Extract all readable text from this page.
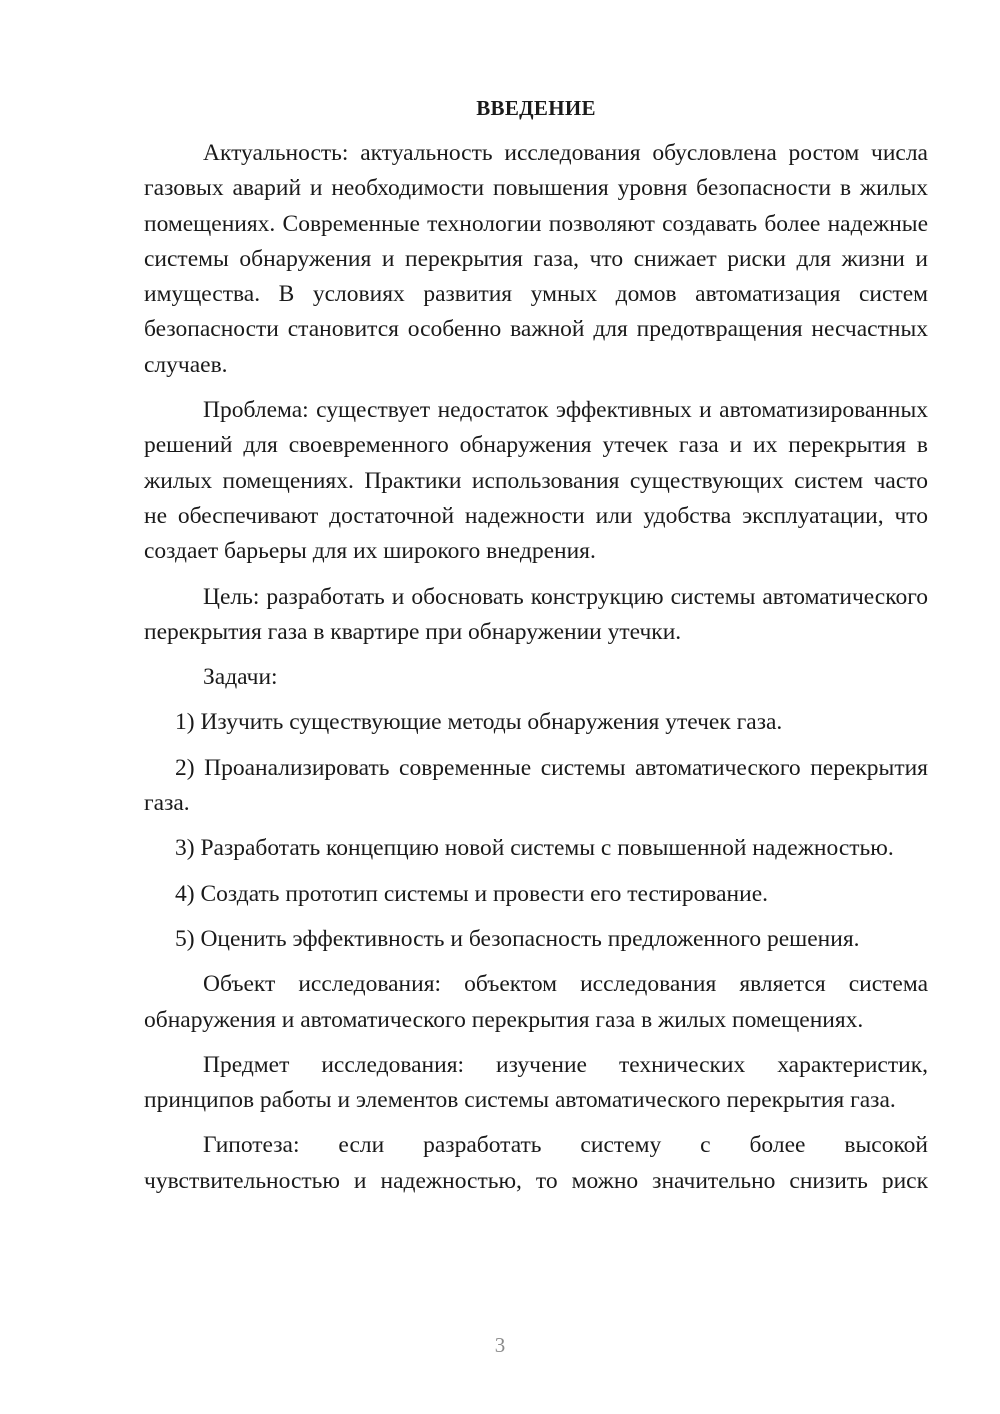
ВВЕДЕНИЕ

Актуальность: актуальность исследования обусловлена ростом числа газовых аварий и необходимости повышения уровня безопасности в жилых помещениях. Современные технологии позволяют создавать более надежные системы обнаружения и перекрытия газа, что снижает риски для жизни и имущества. В условиях развития умных домов автоматизация систем безопасности становится особенно важной для предотвращения несчастных случаев.

Проблема: существует недостаток эффективных и автоматизированных решений для своевременного обнаружения утечек газа и их перекрытия в жилых помещениях. Практики использования существующих систем часто не обеспечивают достаточной надежности или удобства эксплуатации, что создает барьеры для их широкого внедрения.

Цель: разработать и обосновать конструкцию системы автоматического перекрытия газа в квартире при обнаружении утечки.

Задачи:

1) Изучить существующие методы обнаружения утечек газа.

2) Проанализировать современные системы автоматического перекрытия газа.

3) Разработать концепцию новой системы с повышенной надежностью.

4) Создать прототип системы и провести его тестирование.

5) Оценить эффективность и безопасность предложенного решения.

Объект исследования: объектом исследования является система обнаружения и автоматического перекрытия газа в жилых помещениях.

Предмет исследования: изучение технических характеристик, принципов работы и элементов системы автоматического перекрытия газа.

Гипотеза: если разработать систему с более высокой чувствительностью и надежностью, то можно значительно снизить риск

3
